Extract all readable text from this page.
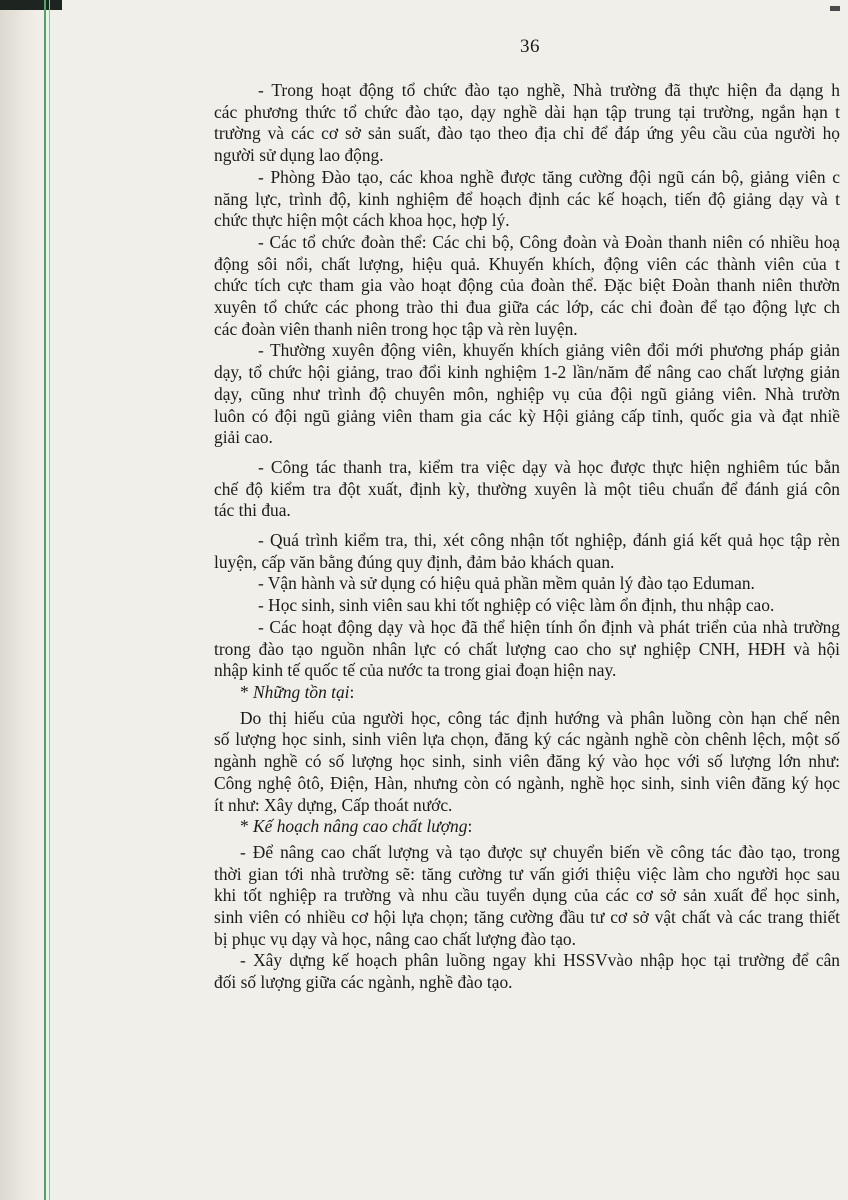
36

- Trong hoạt động tổ chức đào tạo nghề, Nhà trường đã thực hiện đa dạng h
các phương thức tổ chức đào tạo, dạy nghề dài hạn tập trung tại trường, ngắn hạn t
trường và các cơ sở sản suất, đào tạo theo địa chỉ để đáp ứng yêu cầu của người họ
người sử dụng lao động.

- Phòng Đào tạo, các khoa nghề được tăng cường đội ngũ cán bộ, giảng viên c
năng lực, trình độ, kinh nghiệm để hoạch định các kế hoạch, tiến độ giảng dạy và t
chức thực hiện một cách khoa học, hợp lý.

- Các tổ chức đoàn thể: Các chi bộ, Công đoàn và Đoàn thanh niên có nhiều hoạ
động sôi nổi, chất lượng, hiệu quả. Khuyến khích, động viên các thành viên của t
chức tích cực tham gia vào hoạt động của đoàn thể. Đặc biệt Đoàn thanh niên thườn
xuyên tổ chức các phong trào thi đua giữa các lớp, các chi đoàn để tạo động lực ch
các đoàn viên thanh niên trong học tập và rèn luyện.

- Thường xuyên động viên, khuyến khích giảng viên đổi mới phương pháp giản
dạy, tổ chức hội giảng, trao đổi kinh nghiệm 1-2 lần/năm để nâng cao chất lượng giản
dạy, cũng như trình độ chuyên môn, nghiệp vụ của đội ngũ giảng viên. Nhà trườn
luôn có đội ngũ giảng viên tham gia các kỳ Hội giảng cấp tỉnh, quốc gia và đạt nhiề
giải cao.

- Công tác thanh tra, kiểm tra việc dạy và học được thực hiện nghiêm túc bằn
chế độ kiểm tra đột xuất, định kỳ, thường xuyên là một tiêu chuẩn để đánh giá côn
tác thi đua.

- Quá trình kiểm tra, thi, xét công nhận tốt nghiệp, đánh giá kết quả học tập rèn
luyện, cấp văn bằng đúng quy định, đảm bảo khách quan.

- Vận hành và sử dụng có hiệu quả phần mềm quản lý đào tạo Eduman.

- Học sinh, sinh viên sau khi tốt nghiệp có việc làm ổn định, thu nhập cao.

- Các hoạt động dạy và học đã thể hiện tính ổn định và phát triển của nhà trường
trong đào tạo nguồn nhân lực có chất lượng cao cho sự nghiệp CNH, HĐH và hội
nhập kinh tế quốc tế của nước ta trong giai đoạn hiện nay.

* Những tồn tại:

Do thị hiếu của người học, công tác định hướng và phân luồng còn hạn chế nên
số lượng học sinh, sinh viên lựa chọn, đăng ký các ngành nghề còn chênh lệch, một số
ngành nghề có số lượng học sinh, sinh viên đăng ký vào học với số lượng lớn như:
Công nghệ ôtô, Điện, Hàn, nhưng còn có ngành, nghề học sinh, sinh viên đăng ký học
ít như: Xây dựng, Cấp thoát nước.

* Kế hoạch nâng cao chất lượng:

- Để nâng cao chất lượng và tạo được sự chuyển biến về công tác đào tạo, trong
thời gian tới nhà trường sẽ: tăng cường tư vấn giới thiệu việc làm cho người học sau
khi tốt nghiệp ra trường và nhu cầu tuyển dụng của các cơ sở sản xuất để học sinh,
sinh viên có nhiều cơ hội lựa chọn; tăng cường đầu tư cơ sở vật chất và các trang thiết
bị phục vụ dạy và học, nâng cao chất lượng đào tạo.

- Xây dựng kế hoạch phân luồng ngay khi HSSVvào nhập học tại trường để cân
đối số lượng giữa các ngành, nghề đào tạo.
